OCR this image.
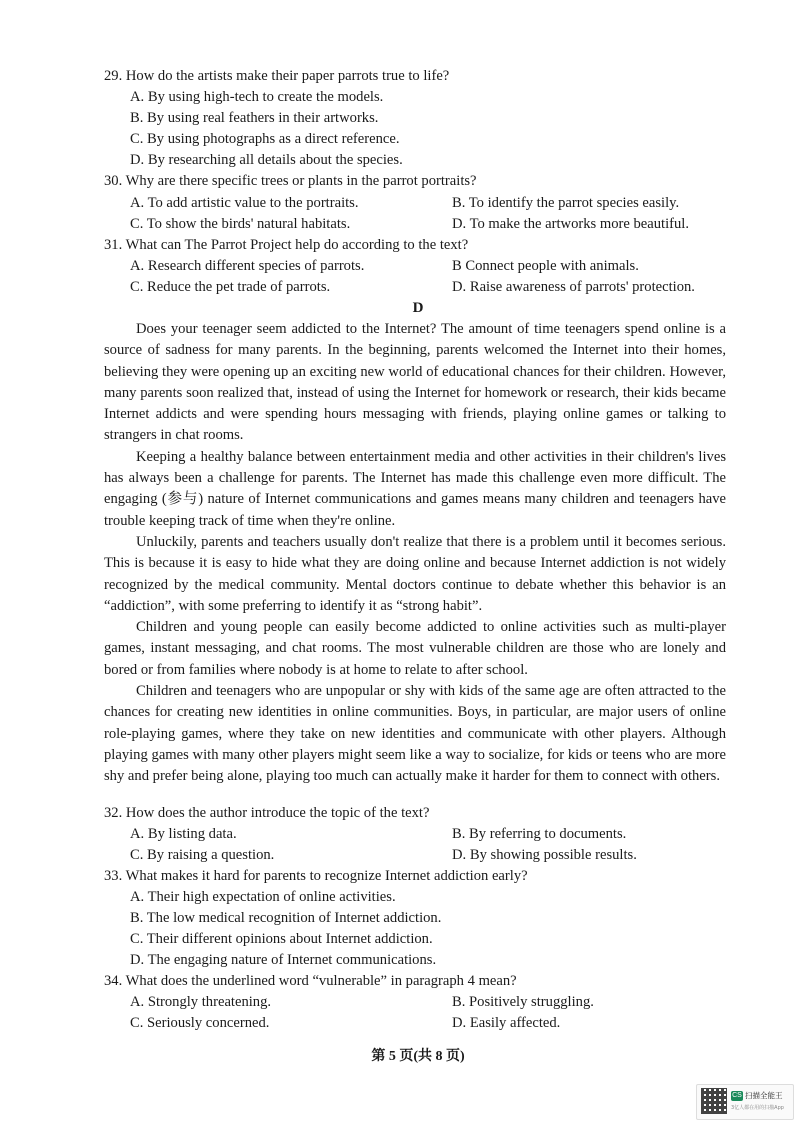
29. How do the artists make their paper parrots true to life?
A. By using high-tech to create the models.
B. By using real feathers in their artworks.
C. By using photographs as a direct reference.
D. By researching all details about the species.
30. Why are there specific trees or plants in the parrot portraits?
A. To add artistic value to the portraits.	B. To identify the parrot species easily.
C. To show the birds' natural habitats.	D. To make the artworks more beautiful.
31. What can The Parrot Project help do according to the text?
A. Research different species of parrots.	B Connect people with animals.
C. Reduce the pet trade of parrots.	D. Raise awareness of parrots' protection.
D

Does your teenager seem addicted to the Internet? The amount of time teenagers spend online is a source of sadness for many parents. In the beginning, parents welcomed the Internet into their homes, believing they were opening up an exciting new world of educational chances for their children. However, many parents soon realized that, instead of using the Internet for homework or research, their kids became Internet addicts and were spending hours messaging with friends, playing online games or talking to strangers in chat rooms.

Keeping a healthy balance between entertainment media and other activities in their children's lives has always been a challenge for parents. The Internet has made this challenge even more difficult. The engaging (参与) nature of Internet communications and games means many children and teenagers have trouble keeping track of time when they're online.

Unluckily, parents and teachers usually don't realize that there is a problem until it becomes serious. This is because it is easy to hide what they are doing online and because Internet addiction is not widely recognized by the medical community. Mental doctors continue to debate whether this behavior is an “addiction”, with some preferring to identify it as “strong habit”.

Children and young people can easily become addicted to online activities such as multi-player games, instant messaging, and chat rooms. The most vulnerable children are those who are lonely and bored or from families where nobody is at home to relate to after school.

Children and teenagers who are unpopular or shy with kids of the same age are often attracted to the chances for creating new identities in online communities. Boys, in particular, are major users of online role-playing games, where they take on new identities and communicate with other players. Although playing games with many other players might seem like a way to socialize, for kids or teens who are more shy and prefer being alone, playing too much can actually make it harder for them to connect with others.

32. How does the author introduce the topic of the text?
A. By listing data.	B. By referring to documents.
C. By raising a question.	D. By showing possible results.
33. What makes it hard for parents to recognize Internet addiction early?
A. Their high expectation of online activities.
B. The low medical recognition of Internet addiction.
C. Their different opinions about Internet addiction.
D. The engaging nature of Internet communications.
34. What does the underlined word “vulnerable” in paragraph 4 mean?
A. Strongly threatening.	B. Positively struggling.
C. Seriously concerned.	D. Easily affected.
第 5 页(共 8 页)
CS 扫描全能王
3亿人都在用的扫描App
